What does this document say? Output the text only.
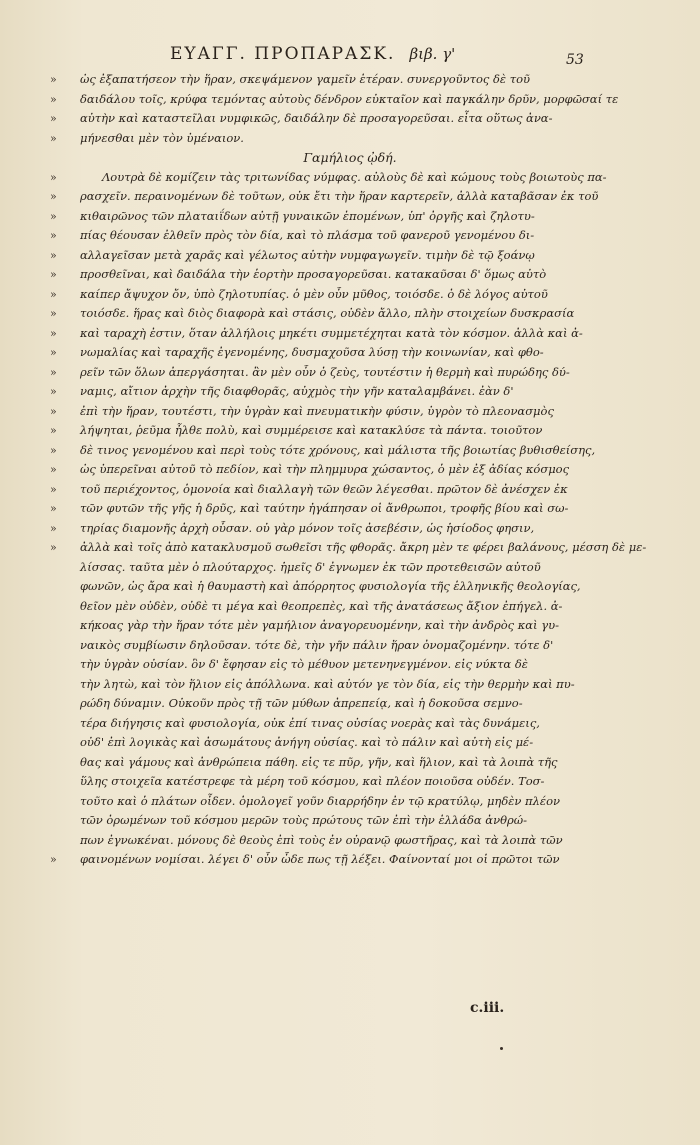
ΕΥΑΓΓ. ΠΡΟΠΑΡΑΣΚ. βιβ. γ'	53
» ὡς ἐξαπατήσεον τὴν ἥραν, σκεψάμενον γαμεῖν ἑτέραν. συνεργοῦντος δὲ τοῦ
» δαιδάλου τοῖς, κρύφα τεμόντας αὐτοὺς δένδρον εὐκταῖον καὶ παγκάλην δρῦν, μορφῶσαί τε
» αὐτὴν καὶ καταστεῖλαι νυμφικῶς, δαιδάλην δὲ προσαγορεῦσαι. εἶτα οὕτως ἀνα-
» μήνεσθαι μὲν τὸν ὑμέναιον.
Γαμήλιος ᾠδή.
»	Λουτρὰ δὲ κομίζειν τὰς τριτωνίδας νύμφας. αὐλοὺς δὲ καὶ κώμους τοὺς βοιωτοὺς πα-
» ρασχεῖν. περαινομένων δὲ τοῦτων, οὐκ ἔτι τὴν ἥραν καρτερεῖν, ἀλλὰ καταβᾶσαν ἐκ τοῦ
» κιθαιρῶνος τῶν πλαταιΐδων αὐτῇ γυναικῶν ἑπομένων, ὑπ' ὀργῆς καὶ ζηλοτυ-
» πίας θέουσαν ἐλθεῖν πρὸς τὸν δία, καὶ τὸ πλάσμα τοῦ φανεροῦ γενομένου δι-
» αλλαγεῖσαν μετὰ χαρᾶς καὶ γέλωτος αὐτὴν νυμφαγωγεῖν. τιμὴν δὲ τῷ ξοάνῳ
» προσθεῖναι, καὶ δαιδάλα τὴν ἑορτὴν προσαγορεῦσαι. κατακαῦσαι δ' ὅμως αὐτὸ
» καίπερ ἄψυχον ὄν, ὑπὸ ζηλοτυπίας. ὁ μὲν οὖν μῦθος, τοιόσδε. ὁ δὲ λόγος αὐτοῦ
» τοιόσδε. ἥρας καὶ διὸς διαφορὰ καὶ στάσις, οὐδὲν ἄλλο, πλὴν στοιχείων δυσκρασία
» καὶ ταραχὴ ἐστιν, ὅταν ἀλλήλοις μηκέτι συμμετέχηται κατὰ τὸν κόσμον. ἀλλὰ καὶ ἀ-
» νωμαλίας καὶ ταραχῆς ἐγενομένης, δυσμαχοῦσα λύσῃ τὴν κοινωνίαν, καὶ φθο-
» ρεῖν τῶν ὅλων ἀπεργάσηται. ἂν μὲν οὖν ὁ ζεὺς, τουτέστιν ἡ θερμὴ καὶ πυρώδης δύ-
» ναμις, αἴτιον ἀρχὴν τῆς διαφθορᾶς, αὐχμὸς τὴν γῆν καταλαμβάνει. ἐὰν δ'
» ἐπὶ τὴν ἥραν, τουτέστι, τὴν ὑγρὰν καὶ πνευματικὴν φύσιν, ὑγρὸν τὸ πλεονασμὸς
» λήψηται, ῥεῦμα ἦλθε πολὺ, καὶ συμμέρεισε καὶ κατακλύσε τὰ πάντα. τοιοῦτον
» δὲ τινος γενομένου καὶ περὶ τοὺς τότε χρόνους, καὶ μάλιστα τῆς βοιωτίας βυθισθείσης,
» ὡς ὑπερεῖναι αὐτοῦ τὸ πεδίον, καὶ τὴν πλημμυρα χώσαντος, ὁ μὲν ἐξ ἀδίας κόσμος
» τοῦ περιέχοντος, ὁμονοία καὶ διαλλαγὴ τῶν θεῶν λέγεσθαι. πρῶτον δὲ ἀνέσχεν ἐκ
» τῶν φυτῶν τῆς γῆς ἡ δρῦς, καὶ ταύτην ἠγάπησαν οἱ ἄνθρωποι, τροφῆς βίου καὶ σω-
» τηρίας διαμονῆς ἀρχὴ οὖσαν. οὐ γὰρ μόνον τοῖς ἀσεβέσιν, ὡς ἡσίοδος φησιν,
» ἀλλὰ καὶ τοῖς ἀπὸ κατακλυσμοῦ σωθεῖσι τῆς φθορᾶς. ἄκρη μὲν τε φέρει βαλάνους, μέσση δὲ με-
λίσσας. ταῦτα μὲν ὁ πλούταρχος. ἡμεῖς δ' ἐγνωμεν ἐκ τῶν προτεθεισῶν αὐτοῦ
φωνῶν, ὡς ἄρα καὶ ἡ θαυμαστὴ καὶ ἀπόρρητος φυσιολογία τῆς ἑλληνικῆς θεολογίας,
θεῖον μὲν οὐδὲν, οὐδὲ τι μέγα καὶ θεοπρεπὲς, καὶ τῆς ἀνατάσεως ἄξιον ἐπήγελ. ἀ-
κήκοας γὰρ τὴν ἥραν τότε μὲν γαμήλιον ἀναγορευομένην, καὶ τὴν ἀνδρὸς καὶ γυ-
ναικὸς συμβίωσιν δηλοῦσαν. τότε δὲ, τὴν γῆν πάλιν ἥραν ὀνομαζομένην. τότε δ'
τὴν ὑγρὰν οὐσίαν. ὃν δ' ἔφησαν εἰς τὸ μέθυον μετενηνεγμένον. εἰς νύκτα δὲ
τὴν λητὼ, καὶ τὸν ἥλιον εἰς ἀπόλλωνα. καὶ αὐτόν γε τὸν δία, εἰς τὴν θερμὴν καὶ πυ-
ρώδη δύναμιν. Οὐκοῦν πρὸς τῇ τῶν μύθων ἀπρεπείᾳ, καὶ ἡ δοκοῦσα σεμνο-
τέρα διήγησις καὶ φυσιολογία, οὐκ ἐπί τινας οὐσίας νοερὰς καὶ τὰς δυνάμεις,
οὐδ' ἐπὶ λογικὰς καὶ ἀσωμάτους ἀνήγη οὐσίας. καὶ τὸ πάλιν καὶ αὐτὴ εἰς μέ-
θας καὶ γάμους καὶ ἀνθρώπεια πάθη. εἰς τε πῦρ, γῆν, καὶ ἥλιον, καὶ τὰ λοιπὰ τῆς
ὕλης στοιχεῖα κατέστρεφε τὰ μέρη τοῦ κόσμου, καὶ πλέον ποιοῦσα οὐδέν. Τοσ-
τοῦτο καὶ ὁ πλάτων οἶδεν. ὁμολογεῖ γοῦν διαρρήδην ἐν τῷ κρατύλῳ, μηδὲν πλέον
τῶν ὁρωμένων τοῦ κόσμου μερῶν τοὺς πρώτους τῶν ἐπὶ τὴν ἑλλάδα ἀνθρώ-
πων ἐγνωκέναι. μόνους δὲ θεοὺς ἐπὶ τοὺς ἐν οὐρανῷ φωστῆρας, καὶ τὰ λοιπὰ τῶν
» φαινομένων νομίσαι. λέγει δ' οὖν ὧδε πως τῇ λέξει. Φαίνονταί μοι οἱ πρῶτοι τῶν
c.iii.
